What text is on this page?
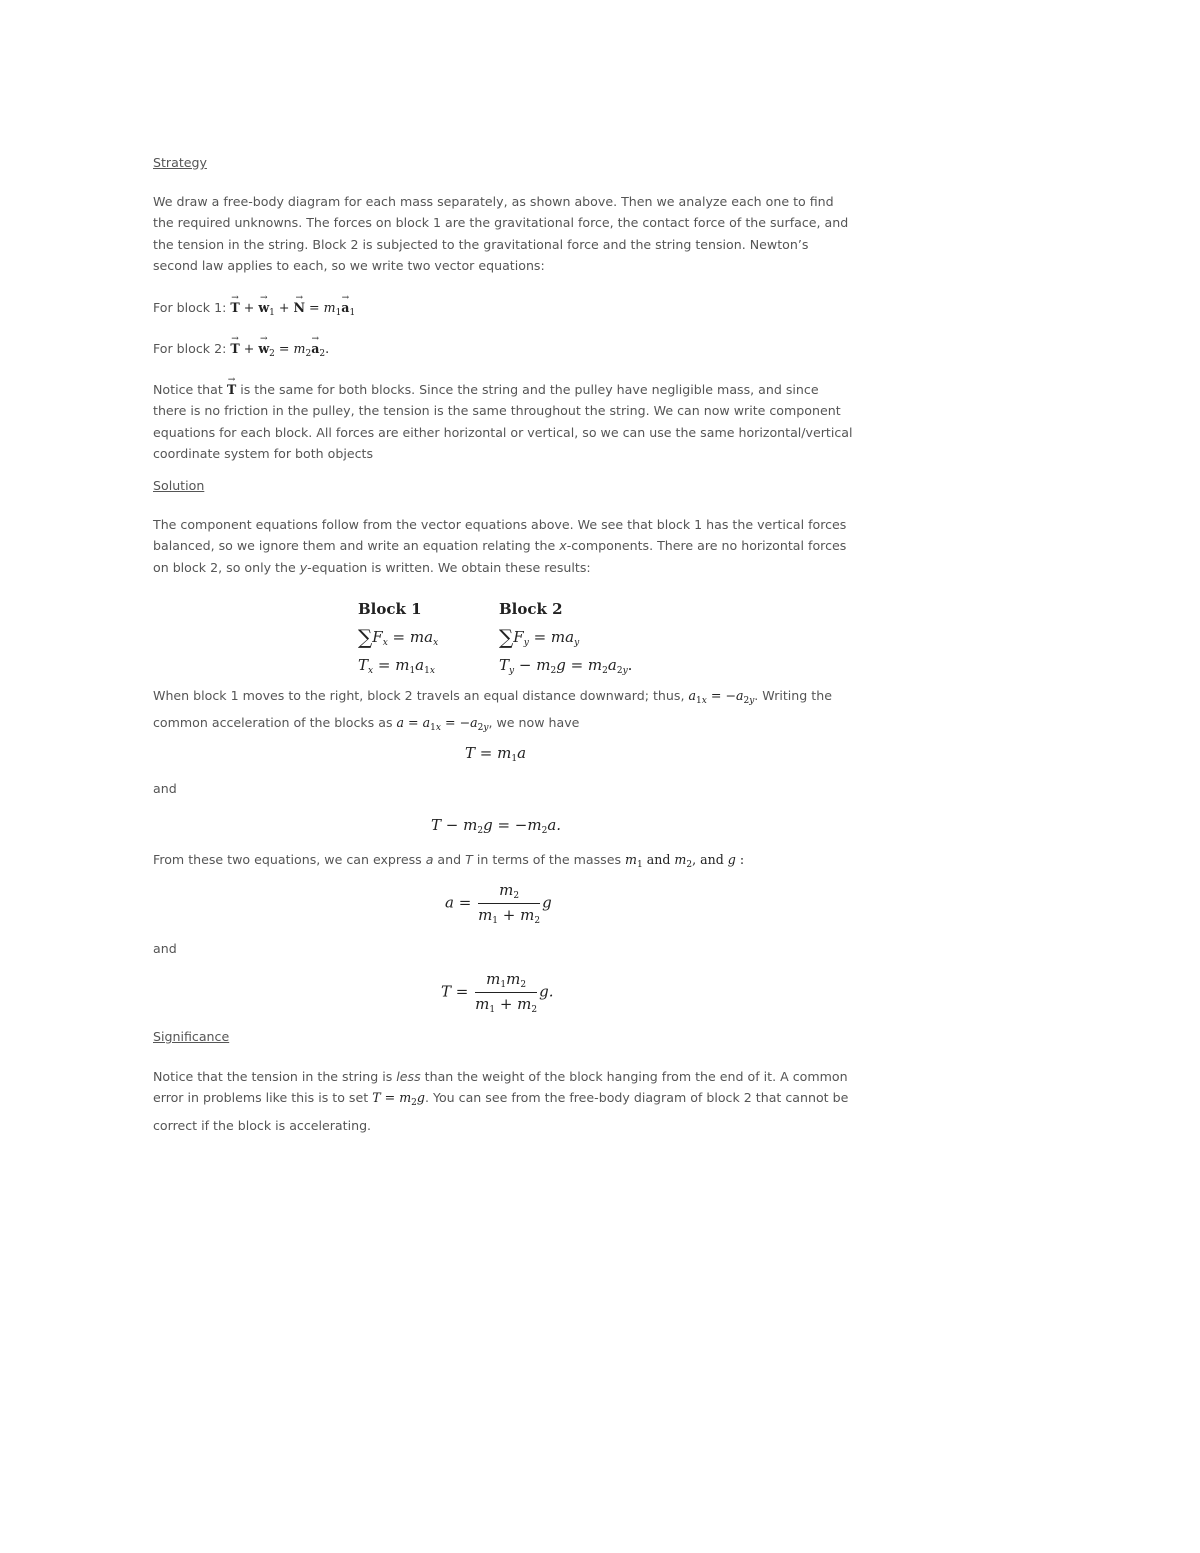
Strategy

We draw a free-body diagram for each mass separately, as shown above. Then we analyze each one to find the required unknowns. The forces on block 1 are the gravitational force, the contact force of the surface, and the tension in the string. Block 2 is subjected to the gravitational force and the string tension. Newton’s second law applies to each, so we write two vector equations:

For block 1: → T + → $w_1$ + → $N = m_1\to a_1$

For block 2: → T + → $w_2 = m_2\to a_2$.

Notice that → T is the same for both blocks. Since the string and the pulley have negligible mass, and since there is no friction in the pulley, the tension is the same throughout the string. We can now write component equations for each block. All forces are either horizontal or vertical, so we can use the same horizontal/vertical coordinate system for both objects

Solution

The component equations follow from the vector equations above. We see that block 1 has the vertical forces balanced, so we ignore them and write an equation relating the x-components. There are no horizontal forces on block 2, so only the y-equation is written. We obtain these results:

Block 1
$\sum F_x = ma_x$
$T_x = m_1a_{1x}$
Block 2
$\sum F_y = ma_y$
$T_y - m_2g = m_2a_{2y}$.

When block 1 moves to the right, block 2 travels an equal distance downward; thus, $a_{1x} = -a_{2y}$. Writing the common acceleration of the blocks as $a = a_{1x} = -a_{2y}$, we now have

$T = m_1a$

and

$T - m_2g = -m_2a$.

From these two equations, we can express a and T in terms of the masses $m_1$ and $m_2$, and g :

$a = \frac{m_2}{m_1 + m_2}$ g

and

$T = \frac{m_1m_2}{m_1 + m_2} g$.

Significance

Notice that the tension in the string is less than the weight of the block hanging from the end of it. A common error in problems like this is to set $T = m_2g$. You can see from the free-body diagram of block 2 that cannot be correct if the block is accelerating.
